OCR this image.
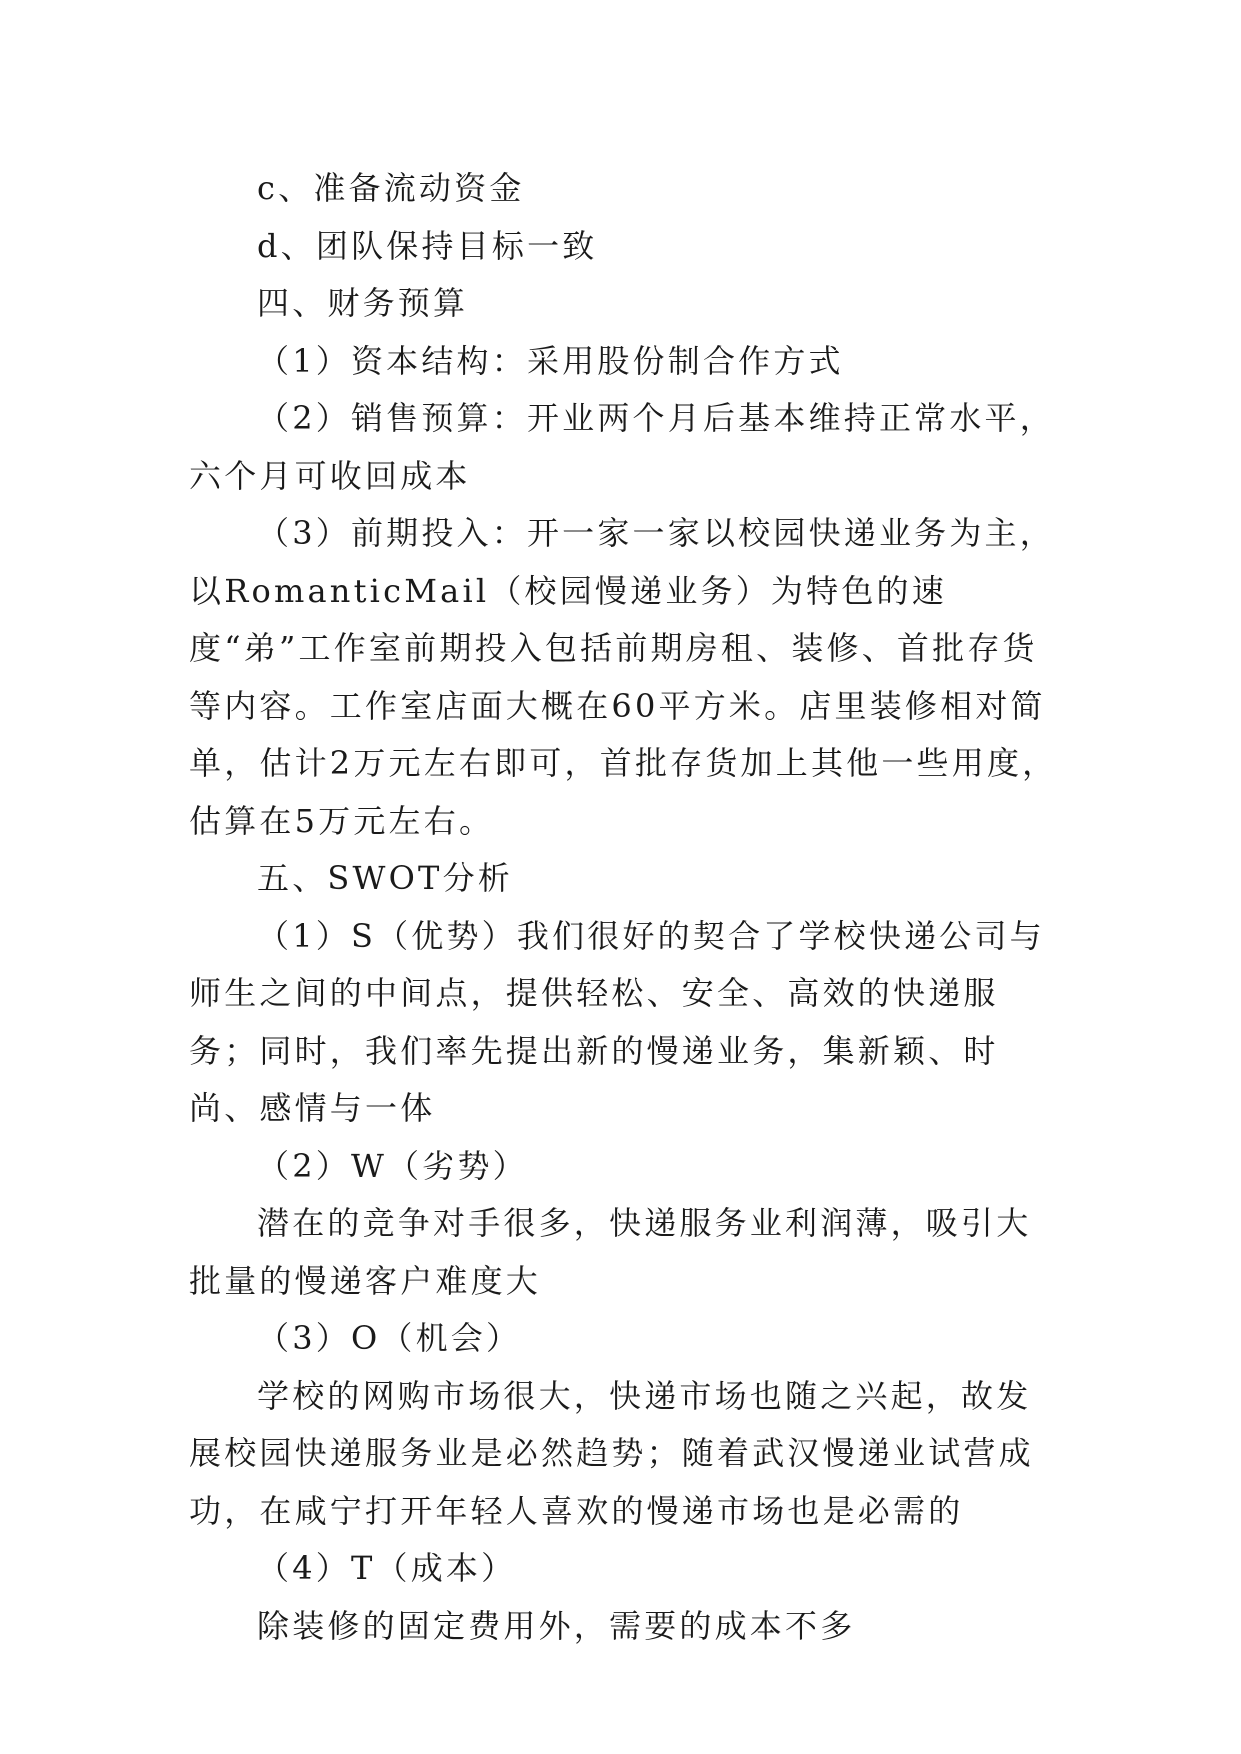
c、准备流动资金

d、团队保持目标一致

四、财务预算

（1）资本结构：采用股份制合作方式

（2）销售预算：开业两个月后基本维持正常水平，六个月可收回成本

（3）前期投入：开一家一家以校园快递业务为主，以RomanticMail（校园慢递业务）为特色的速度“弟”工作室前期投入包括前期房租、装修、首批存货等内容。工作室店面大概在60平方米。店里装修相对简单，估计2万元左右即可，首批存货加上其他一些用度，估算在5万元左右。

五、SWOT分析

（1）S（优势）我们很好的契合了学校快递公司与师生之间的中间点，提供轻松、安全、高效的快递服务；同时，我们率先提出新的慢递业务，集新颖、时尚、感情与一体

（2）W（劣势）

潜在的竞争对手很多，快递服务业利润薄，吸引大批量的慢递客户难度大

（3）O（机会）

学校的网购市场很大，快递市场也随之兴起，故发展校园快递服务业是必然趋势；随着武汉慢递业试营成功，在咸宁打开年轻人喜欢的慢递市场也是必需的

（4）T（成本）

除装修的固定费用外，需要的成本不多
